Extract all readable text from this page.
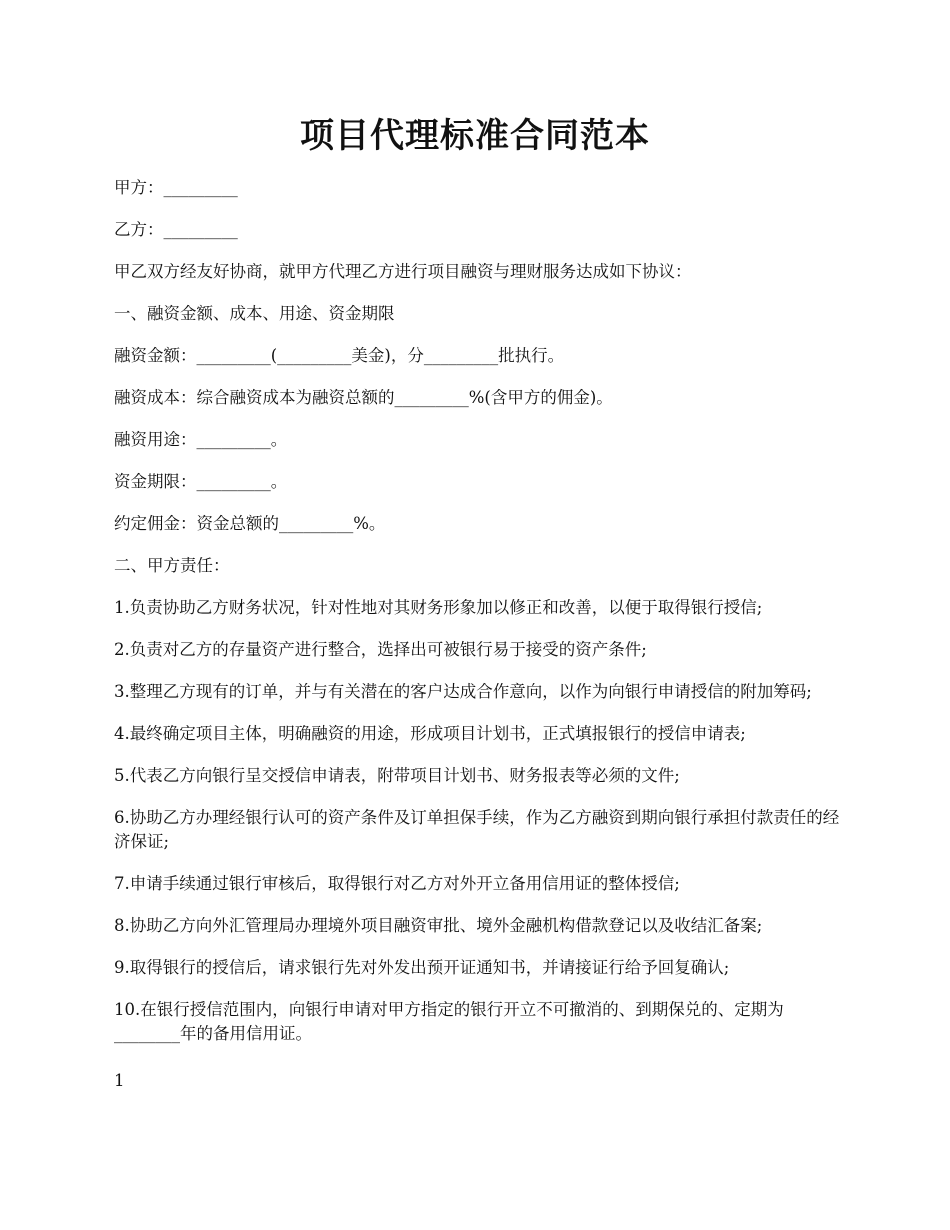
项目代理标准合同范本

甲方：_________

乙方：_________

甲乙双方经友好协商，就甲方代理乙方进行项目融资与理财服务达成如下协议：

一、融资金额、成本、用途、资金期限

融资金额：_________(_________美金)，分_________批执行。

融资成本：综合融资成本为融资总额的_________%(含甲方的佣金)。

融资用途：_________。

资金期限：_________。

约定佣金：资金总额的_________%。

二、甲方责任：

1.负责协助乙方财务状况，针对性地对其财务形象加以修正和改善，以便于取得银行授信;

2.负责对乙方的存量资产进行整合，选择出可被银行易于接受的资产条件;

3.整理乙方现有的订单，并与有关潜在的客户达成合作意向，以作为向银行申请授信的附加筹码;

4.最终确定项目主体，明确融资的用途，形成项目计划书，正式填报银行的授信申请表;

5.代表乙方向银行呈交授信申请表，附带项目计划书、财务报表等必须的文件;

6.协助乙方办理经银行认可的资产条件及订单担保手续，作为乙方融资到期向银行承担付款责任的经济保证;

7.申请手续通过银行审核后，取得银行对乙方对外开立备用信用证的整体授信;

8.协助乙方向外汇管理局办理境外项目融资审批、境外金融机构借款登记以及收结汇备案;

9.取得银行的授信后，请求银行先对外发出预开证通知书，并请接证行给予回复确认;

10.在银行授信范围内，向银行申请对甲方指定的银行开立不可撤消的、到期保兑的、定期为________年的备用信用证。

1
